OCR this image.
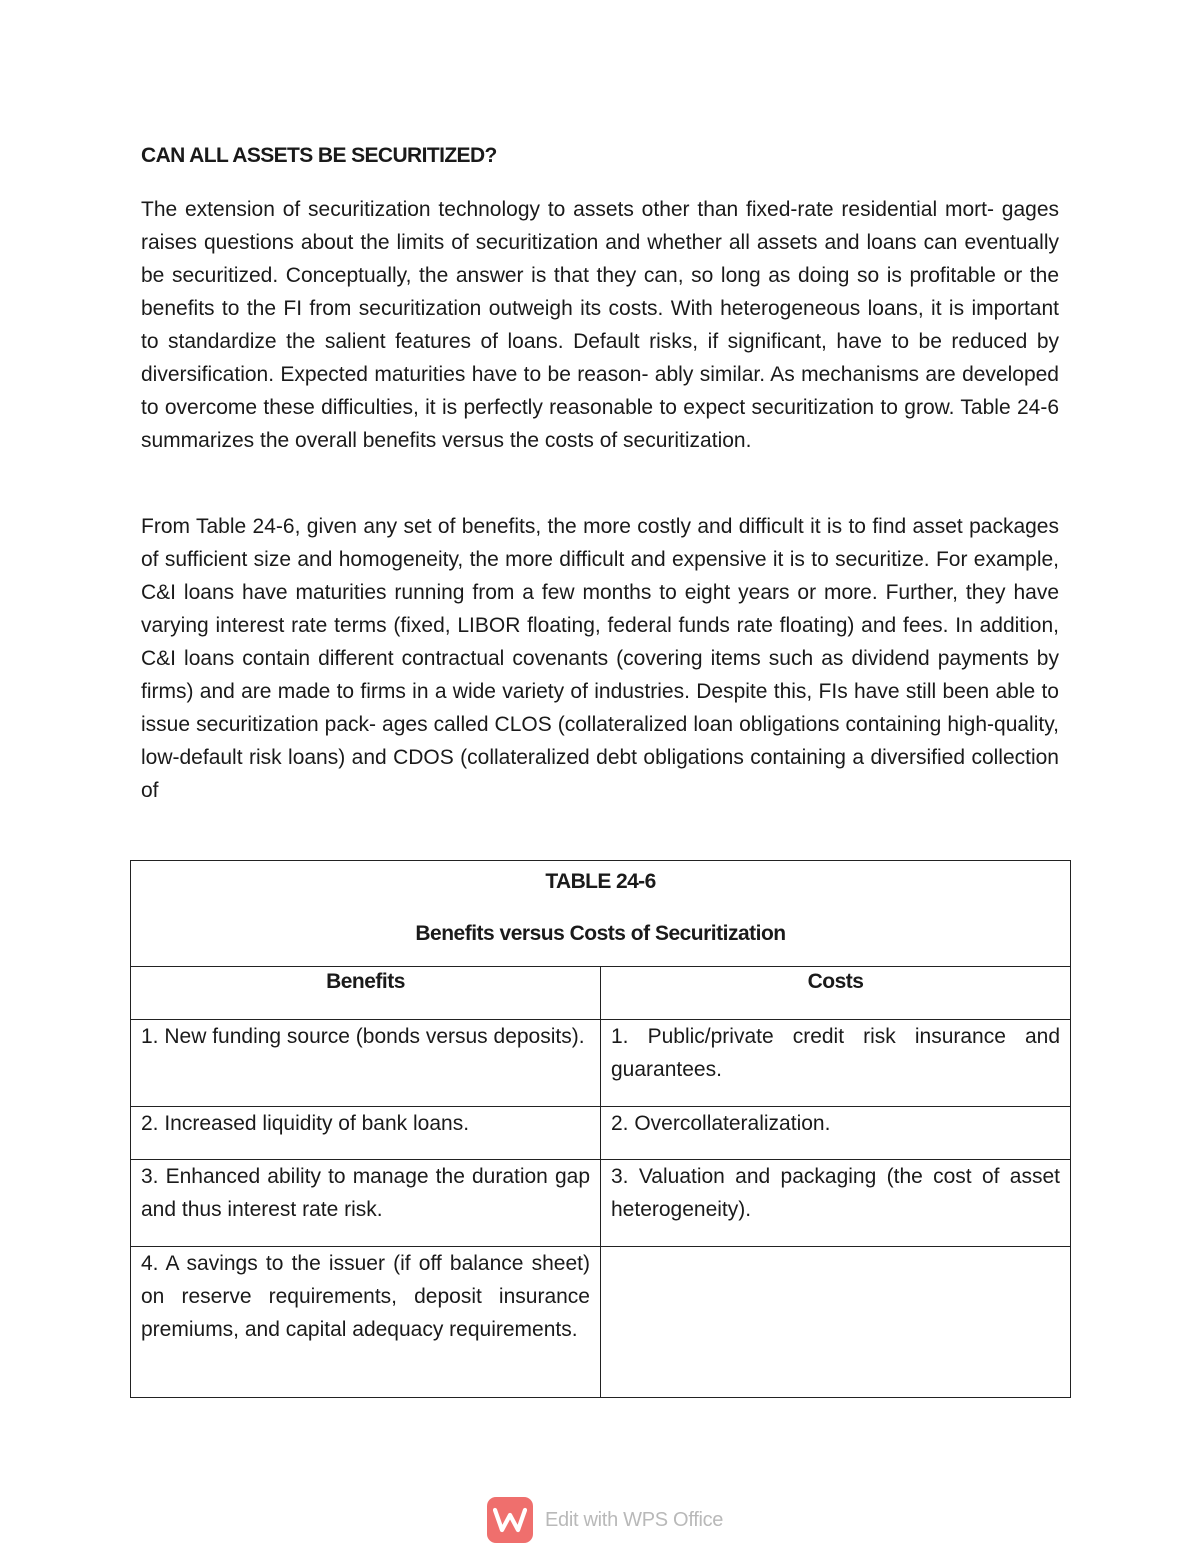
CAN ALL ASSETS BE SECURITIZED?

The extension of securitization technology to assets other than fixed-rate residential mort- gages raises questions about the limits of securitization and whether all assets and loans can eventually be securitized. Conceptually, the answer is that they can, so long as doing so is profitable or the benefits to the FI from securitization outweigh its costs. With heterogeneous loans, it is important to standardize the salient features of loans. Default risks, if significant, have to be reduced by diversification. Expected maturities have to be reason- ably similar. As mechanisms are developed to overcome these difficulties, it is perfectly reasonable to expect securitization to grow. Table 24-6 summarizes the overall benefits versus the costs of securitization.

From Table 24-6, given any set of benefits, the more costly and difficult it is to find asset packages of sufficient size and homogeneity, the more difficult and expensive it is to securitize. For example, C&I loans have maturities running from a few months to eight years or more. Further, they have varying interest rate terms (fixed, LIBOR floating, federal funds rate floating) and fees. In addition, C&I loans contain different contractual covenants (covering items such as dividend payments by firms) and are made to firms in a wide variety of industries. Despite this, FIs have still been able to issue securitization pack- ages called CLOS (collateralized loan obligations containing high-quality, low-default risk loans) and CDOS (collateralized debt obligations containing a diversified collection of

TABLE 24-6
Benefits versus Costs of Securitization	

Benefits	Costs
1. New funding source (bonds versus deposits).	1. Public/private credit risk insurance and guarantees.
2. Increased liquidity of bank loans.	2. Overcollateralization.
3. Enhanced ability to manage the duration gap and thus interest rate risk.	3. Valuation and packaging (the cost of asset heterogeneity).
4. A savings to the issuer (if off balance sheet) on reserve requirements, deposit insurance premiums, and capital adequacy requirements.	
Edit with WPS Office
